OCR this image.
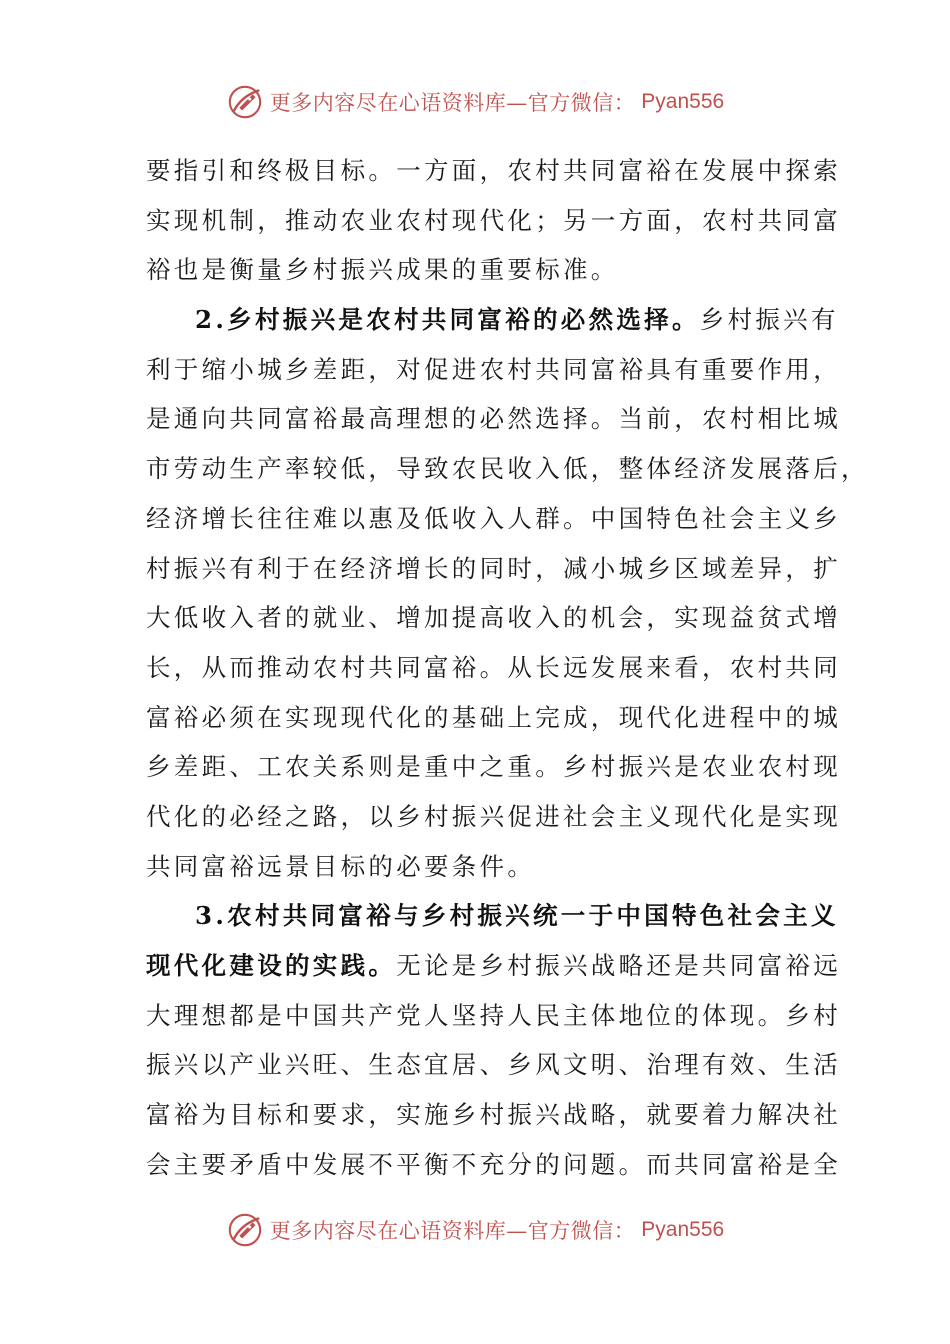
更多内容尽在心语资料库—官方微信： Pyan556
要指引和终极目标。一方面，农村共同富裕在发展中探索
实现机制，推动农业农村现代化；另一方面，农村共同富
裕也是衡量乡村振兴成果的重要标准。
2.乡村振兴是农村共同富裕的必然选择。乡村振兴有
利于缩小城乡差距，对促进农村共同富裕具有重要作用，
是通向共同富裕最高理想的必然选择。当前，农村相比城
市劳动生产率较低，导致农民收入低，整体经济发展落后，
经济增长往往难以惠及低收入人群。中国特色社会主义乡
村振兴有利于在经济增长的同时，减小城乡区域差异，扩
大低收入者的就业、增加提高收入的机会，实现益贫式增
长，从而推动农村共同富裕。从长远发展来看，农村共同
富裕必须在实现现代化的基础上完成，现代化进程中的城
乡差距、工农关系则是重中之重。乡村振兴是农业农村现
代化的必经之路，以乡村振兴促进社会主义现代化是实现
共同富裕远景目标的必要条件。
3.农村共同富裕与乡村振兴统一于中国特色社会主义
现代化建设的实践。无论是乡村振兴战略还是共同富裕远
大理想都是中国共产党人坚持人民主体地位的体现。乡村
振兴以产业兴旺、生态宜居、乡风文明、治理有效、生活
富裕为目标和要求，实施乡村振兴战略，就要着力解决社
会主要矛盾中发展不平衡不充分的问题。而共同富裕是全
更多内容尽在心语资料库—官方微信： Pyan556
